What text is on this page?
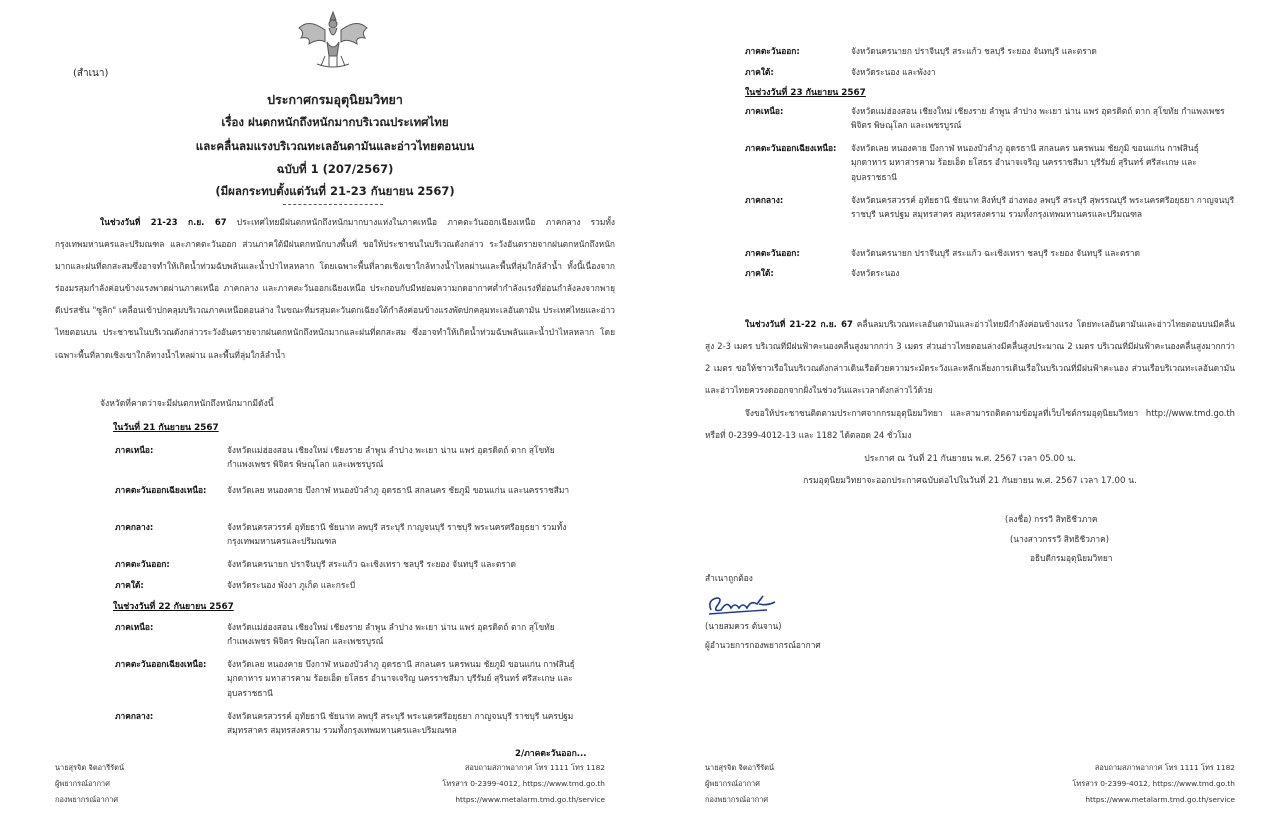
(สำเนา)
ประกาศกรมอุตุนิยมวิทยา
เรื่อง ฝนตกหนักถึงหนักมากบริเวณประเทศไทย
และคลื่นลมแรงบริเวณทะเลอันดามันและอ่าวไทยตอนบน
ฉบับที่ 1 (207/2567)
(มีผลกระทบตั้งแต่วันที่ 21-23 กันยายน 2567)
ในช่วงวันที่ 21-23 ก.ย. 67 ประเทศไทยมีฝนตกหนักถึงหนักมากบางแห่งในภาคเหนือ ภาคตะวันออกเฉียงเหนือ ภาคกลาง รวมทั้งกรุงเทพมหานครและปริมณฑล และภาคตะวันออก ส่วนภาคใต้มีฝนตกหนักบางพื้นที่ ขอให้ประชาชนในบริเวณดังกล่าว ระวังอันตรายจากฝนตกหนักถึงหนักมากและฝนที่ตกสะสมซึ่งอาจทำให้เกิดน้ำท่วมฉับพลันและน้ำป่าไหลหลาก โดยเฉพาะพื้นที่ลาดเชิงเขาใกล้ทางน้ำไหลผ่านและพื้นที่ลุ่มใกล้ลำน้ำ ทั้งนี้เนื่องจากร่องมรสุมกำลังค่อนข้างแรงพาดผ่านภาคเหนือ ภาคกลาง และภาคตะวันออกเฉียงเหนือ ประกอบกับมีหย่อมความกดอากาศต่ำกำลังแรงที่อ่อนกำลังลงจากพายุดีเปรสชัน "ซูลิก" เคลื่อนเข้าปกคลุมบริเวณภาคเหนือตอนล่าง ในขณะที่มรสุมตะวันตกเฉียงใต้กำลังค่อนข้างแรงพัดปกคลุมทะเลอันดามัน ประเทศไทยและอ่าวไทยตอนบน ประชาชนในบริเวณดังกล่าวระวังอันตรายจากฝนตกหนักถึงหนักมากและฝนที่ตกสะสม ซึ่งอาจทำให้เกิดน้ำท่วมฉับพลันและน้ำป่าไหลหลาก โดยเฉพาะพื้นที่ลาดเชิงเขาใกล้ทางน้ำไหลผ่าน และพื้นที่ลุ่มใกล้ลำน้ำ
จังหวัดที่คาดว่าจะมีฝนตกหนักถึงหนักมากมีดังนี้
ในวันที่ 21 กันยายน 2567
ภาคเหนือ:	จังหวัดแม่ฮ่องสอน เชียงใหม่ เชียงราย ลำพูน ลำปาง พะเยา น่าน แพร่ อุตรดิตถ์ ตาก สุโขทัย กำแพงเพชร พิจิตร พิษณุโลก และเพชรบูรณ์
ภาคตะวันออกเฉียงเหนือ: จังหวัดเลย หนองคาย บึงกาฬ หนองบัวลำภู อุดรธานี สกลนคร ชัยภูมิ ขอนแก่น และนครราชสีมา
ภาคกลาง:	จังหวัดนครสวรรค์ อุทัยธานี ชัยนาท ลพบุรี สระบุรี กาญจนบุรี ราชบุรี พระนครศรีอยุธยา รวมทั้งกรุงเทพมหานครและปริมณฑล
ภาคตะวันออก:	จังหวัดนครนายก ปราจีนบุรี สระแก้ว ฉะเชิงเทรา ชลบุรี ระยอง จันทบุรี และตราด
ภาคใต้:	จังหวัดระนอง พังงา ภูเก็ต และกระบี่
ในช่วงวันที่ 22 กันยายน 2567
ภาคเหนือ:	จังหวัดแม่ฮ่องสอน เชียงใหม่ เชียงราย ลำพูน ลำปาง พะเยา น่าน แพร่ อุตรดิตถ์ ตาก สุโขทัย กำแพงเพชร พิจิตร พิษณุโลก และเพชรบูรณ์
ภาคตะวันออกเฉียงเหนือ: จังหวัดเลย หนองคาย บึงกาฬ หนองบัวลำภู อุดรธานี สกลนคร นครพนม ชัยภูมิ ขอนแก่น กาฬสินธุ์ มุกดาหาร มหาสารคาม ร้อยเอ็ด ยโสธร อำนาจเจริญ นครราชสีมา บุรีรัมย์ สุรินทร์ ศรีสะเกษ และอุบลราชธานี
ภาคกลาง:	จังหวัดนครสวรรค์ อุทัยธานี ชัยนาท ลพบุรี สระบุรี พระนครศรีอยุธยา กาญจนบุรี ราชบุรี นครปฐม สมุทรสาคร สมุทรสงคราม รวมทั้งกรุงเทพมหานครและปริมณฑล
2/ภาคตะวันออก...
นายสุรจิต จิตอารีรัตน์
ผู้พยากรณ์อากาศ
กองพยากรณ์อากาศ
สอบถามสภาพอากาศ โทร 1111 โทร 1182
โทรสาร 0-2399-4012, https://www.tmd.go.th
https://www.metalarm.tmd.go.th/service
ภาคตะวันออก:	จังหวัดนครนายก ปราจีนบุรี สระแก้ว ชลบุรี ระยอง จันทบุรี และตราด
ภาคใต้:	จังหวัดระนอง และพังงา
ในช่วงวันที่ 23 กันยายน 2567
ภาคเหนือ:	จังหวัดแม่ฮ่องสอน เชียงใหม่ เชียงราย ลำพูน ลำปาง พะเยา น่าน แพร่ อุตรดิตถ์ ตาก สุโขทัย กำแพงเพชร พิจิตร พิษณุโลก และเพชรบูรณ์
ภาคตะวันออกเฉียงเหนือ: จังหวัดเลย หนองคาย บึงกาฬ หนองบัวลำภู อุดรธานี สกลนคร นครพนม ชัยภูมิ ขอนแก่น กาฬสินธุ์ มุกดาหาร มหาสารคาม ร้อยเอ็ด ยโสธร อำนาจเจริญ นครราชสีมา บุรีรัมย์ สุรินทร์ ศรีสะเกษ และอุบลราชธานี
ภาคกลาง:	จังหวัดนครสวรรค์ อุทัยธานี ชัยนาท สิงห์บุรี อ่างทอง ลพบุรี สระบุรี สุพรรณบุรี พระนครศรีอยุธยา กาญจนบุรี ราชบุรี นครปฐม สมุทรสาคร สมุทรสงคราม รวมทั้งกรุงเทพมหานครและปริมณฑล
ภาคตะวันออก:	จังหวัดนครนายก ปราจีนบุรี สระแก้ว ฉะเชิงเทรา ชลบุรี ระยอง จันทบุรี และตราด
ภาคใต้:	จังหวัดระนอง
ในช่วงวันที่ 21-22 ก.ย. 67 คลื่นลมบริเวณทะเลอันดามันและอ่าวไทยมีกำลังค่อนข้างแรง โดยทะเลอันดามันและอ่าวไทยตอนบนมีคลื่นสูง 2-3 เมตร บริเวณที่มีฝนฟ้าคะนองคลื่นสูงมากกว่า 3 เมตร ส่วนอ่าวไทยตอนล่างมีคลื่นสูงประมาณ 2 เมตร บริเวณที่มีฝนฟ้าคะนองคลื่นสูงมากกว่า 2 เมตร ขอให้ชาวเรือในบริเวณดังกล่าวเดินเรือด้วยความระมัดระวังและหลีกเลี่ยงการเดินเรือในบริเวณที่มีฝนฟ้าคะนอง ส่วนเรือบริเวณทะเลอันดามันและอ่าวไทยควรงดออกจากฝั่งในช่วงวันและเวลาดังกล่าวไว้ด้วย
จึงขอให้ประชาชนติดตามประกาศจากกรมอุตุนิยมวิทยา และสามารถติดตามข้อมูลที่เว็บไซต์กรมอุตุนิยมวิทยา http://www.tmd.go.th หรือที่ 0-2399-4012-13 และ 1182 ได้ตลอด 24 ชั่วโมง
ประกาศ ณ วันที่ 21 กันยายน พ.ศ. 2567 เวลา 05.00 น.
กรมอุตุนิยมวิทยาจะออกประกาศฉบับต่อไปในวันที่ 21 กันยายน พ.ศ. 2567 เวลา 17.00 น.
(ลงชื่อ) กรรวี สิทธิชีวภาค
(นางสาวกรรวี สิทธิชีวภาค)
อธิบดีกรมอุตุนิยมวิทยา
สำเนาถูกต้อง
(นายสมควร ต้นจาน)
ผู้อำนวยการกองพยากรณ์อากาศ
นายสุรจิต จิตอารีรัตน์
ผู้พยากรณ์อากาศ
กองพยากรณ์อากาศ
สอบถามสภาพอากาศ โทร 1111 โทร 1182
โทรสาร 0-2399-4012, https://www.tmd.go.th
https://www.metalarm.tmd.go.th/service
